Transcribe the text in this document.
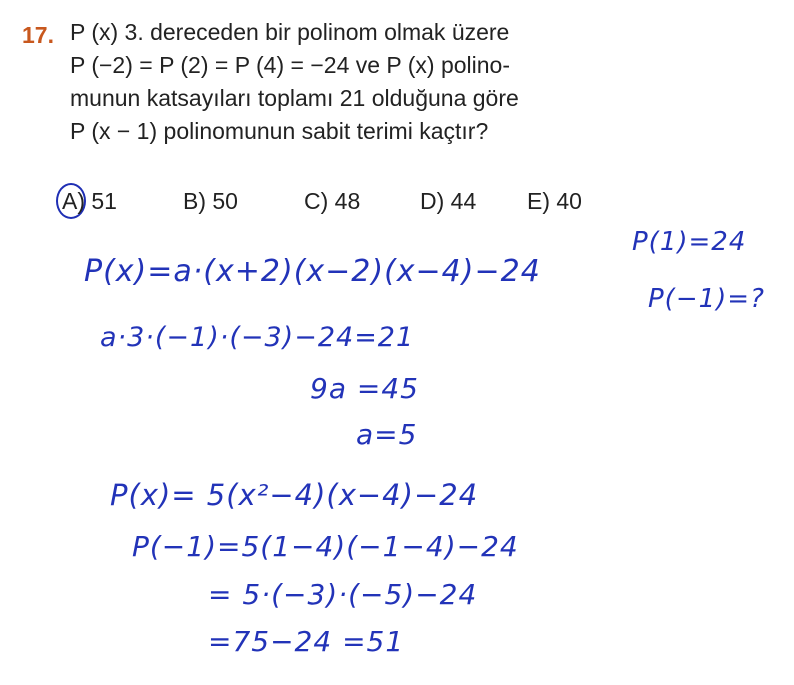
17. P (x) 3. dereceden bir polinom olmak üzere
P (−2) = P (2) = P (4) = −24 ve P (x) polino-
munun katsayıları toplamı 21 olduğuna göre
P (x − 1) polinomunun sabit terimi kaçtır?
A) 51	B) 50	C) 48	D) 44 E) 40
P(1)=24
P(−1)=?
P(x)=a·(x+2)(x−2)(x−4)−24
a·3·(−1)·(−3)−24=21
9a =45
a=5
P(x)= 5(x²−4)(x−4)−24
P(−1)=5(1−4)(−1−4)−24
= 5·(−3)·(−5)−24
=75−24 =51
